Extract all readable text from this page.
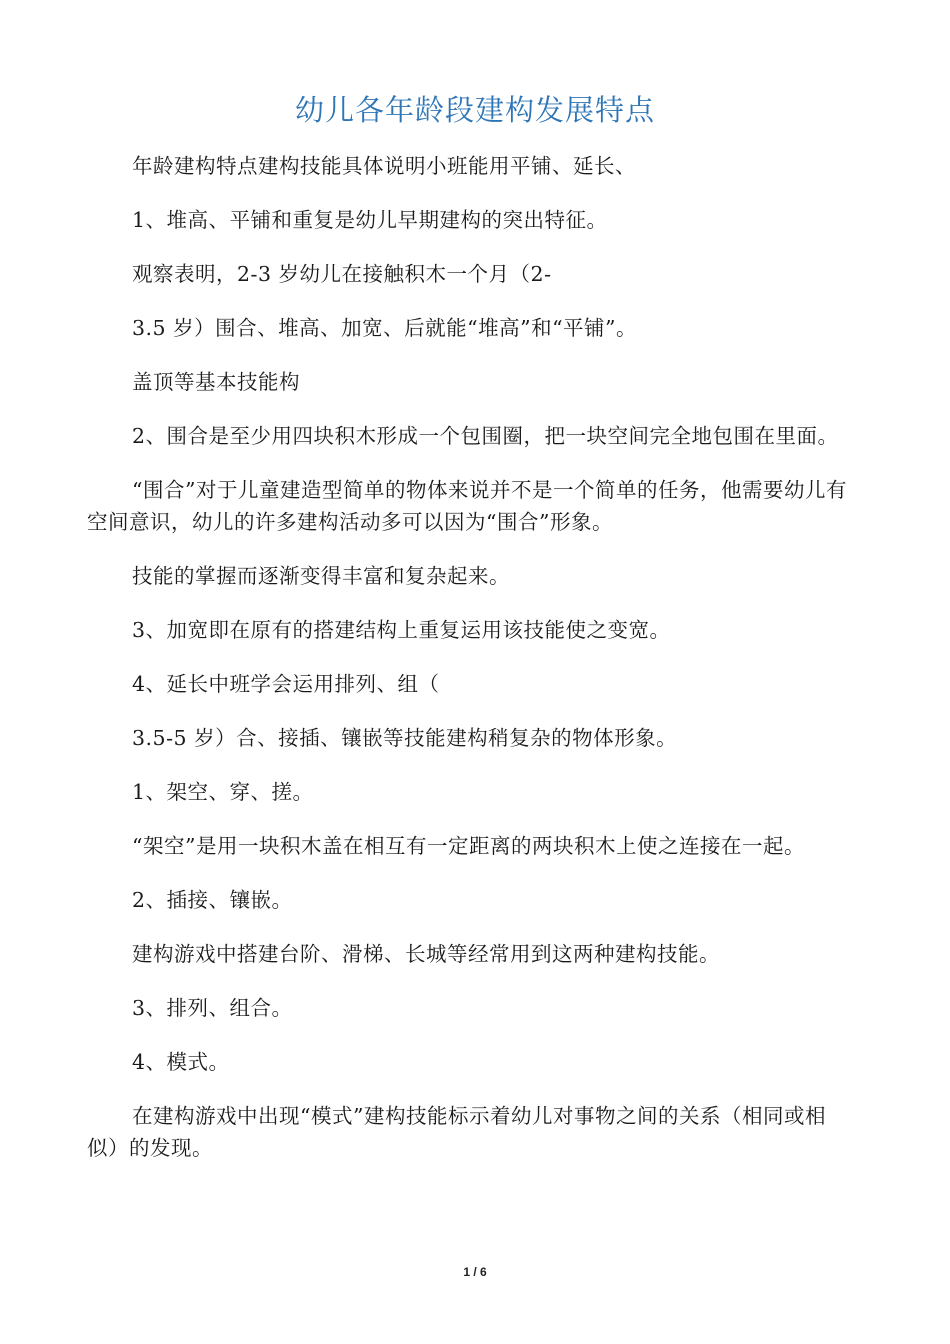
幼儿各年龄段建构发展特点

年龄建构特点建构技能具体说明小班能用平铺、延长、

1、堆高、平铺和重复是幼儿早期建构的突出特征。

观察表明，2-3 岁幼儿在接触积木一个月（2-

3.5 岁）围合、堆高、加宽、后就能“堆高”和“平铺”。

盖顶等基本技能构

2、围合是至少用四块积木形成一个包围圈，把一块空间完全地包围在里面。

“围合”对于儿童建造型简单的物体来说并不是一个简单的任务，他需要幼儿有空间意识，幼儿的许多建构活动多可以因为“围合”形象。

技能的掌握而逐渐变得丰富和复杂起来。

3、加宽即在原有的搭建结构上重复运用该技能使之变宽。

4、延长中班学会运用排列、组（

3.5-5 岁）合、接插、镶嵌等技能建构稍复杂的物体形象。

1、架空、穿、搓。

“架空”是用一块积木盖在相互有一定距离的两块积木上使之连接在一起。

2、插接、镶嵌。

建构游戏中搭建台阶、滑梯、长城等经常用到这两种建构技能。

3、排列、组合。

4、模式。

在建构游戏中出现“模式”建构技能标示着幼儿对事物之间的关系（相同或相似）的发现。

1 / 6
